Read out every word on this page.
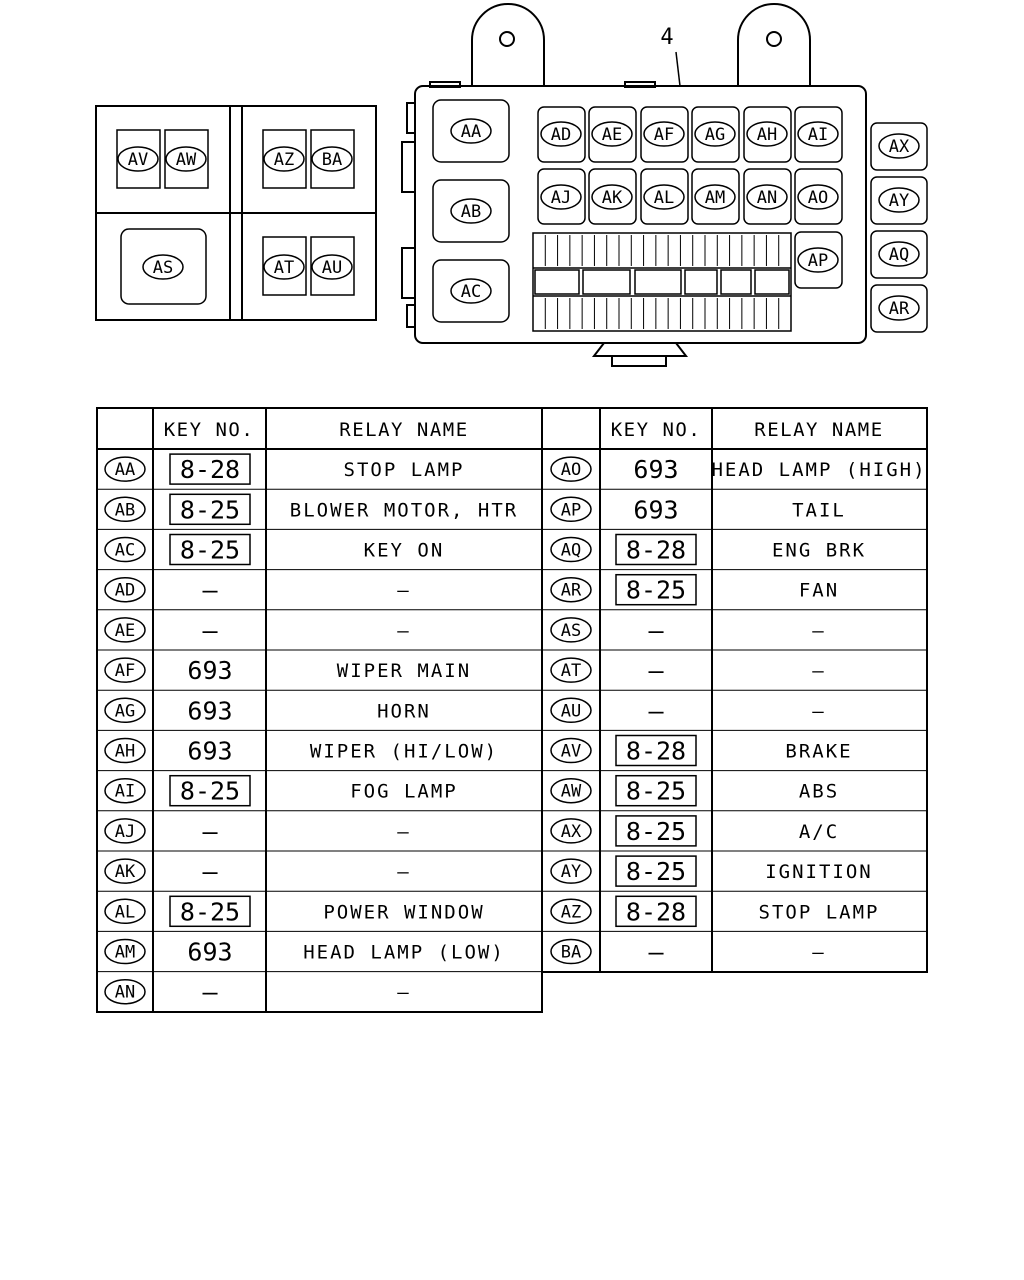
AV AW	AZ BA
AS	AT AU
AA
AB
AC
AD AE AF AG AH AI
AJ AK AL AM AN AO
AP
AX
AY
AQ
AR
4
KEY NO.	RELAY NAME	KEY NO.	RELAY NAME
AA 8-28	STOP LAMP
AB 8-25	BLOWER MOTOR, HTR
AC 8-25	KEY ON
AD	—	—
AE	—	—
AF 693	WIPER MAIN
AG 693	HORN
AH 693	WIPER (HI/LOW)
AI 8-25	FOG LAMP
AJ	—	—
AK	—	—
AL 8-25	POWER WINDOW
AM 693	HEAD LAMP (LOW)
AN	—	—
AO 693 HEAD LAMP (HIGH)
AP 693	TAIL
AQ 8-28	ENG BRK
AR 8-25	FAN
AS	—	—
AT	—	—
AU	—	—
AV 8-28	BRAKE
AW 8-25	ABS
AX 8-25	A/C
AY 8-25	IGNITION
AZ 8-28	STOP LAMP
BA	—	—
